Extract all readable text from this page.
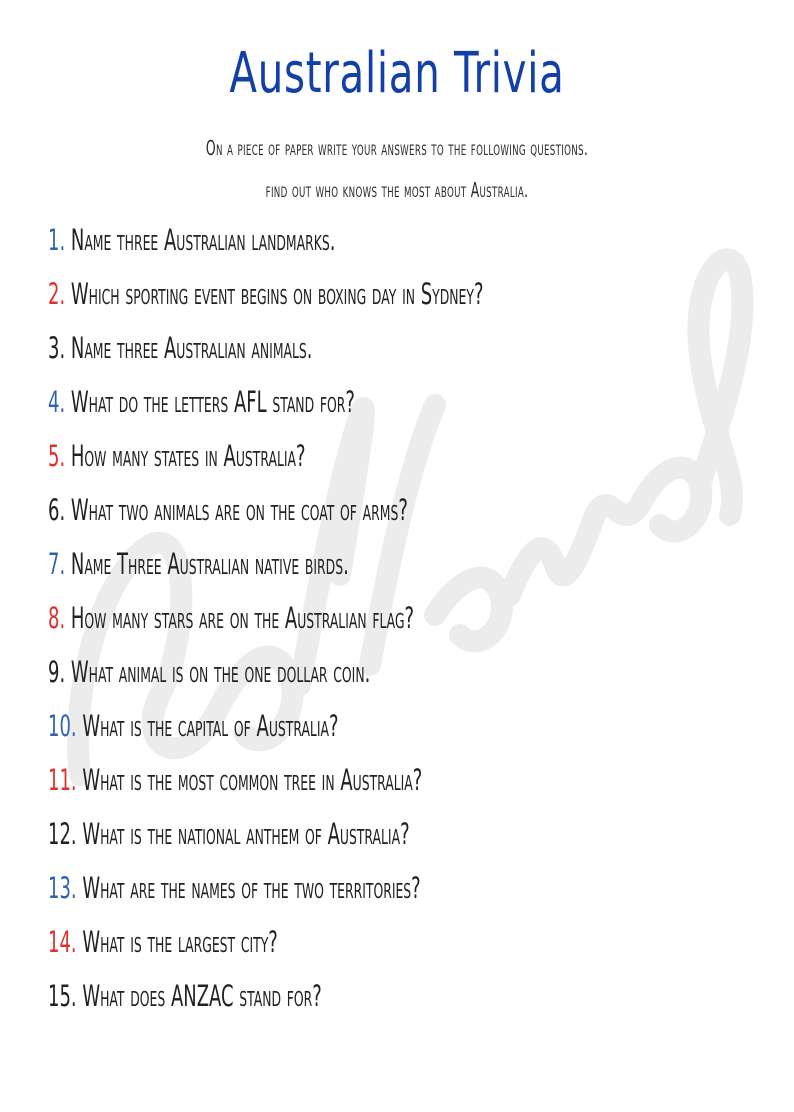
Australian Trivia
On a piece of paper write your answers to the following questions.
find out who knows the most about Australia.
1. Name three Australian landmarks.
2. Which sporting event begins on boxing day in Sydney?
3. Name three Australian animals.
4. What do the letters AFL stand for?
5. How many states in Australia?
6. What two animals are on the coat of arms?
7. Name Three Australian native birds.
8. How many stars are on the Australian flag?
9. What animal is on the one dollar coin.
10. What is the capital of Australia?
11. What is the most common tree in Australia?
12. What is the national anthem of Australia?
13. What are the names of the two territories?
14. What is the largest city?
15. What does ANZAC stand for?
